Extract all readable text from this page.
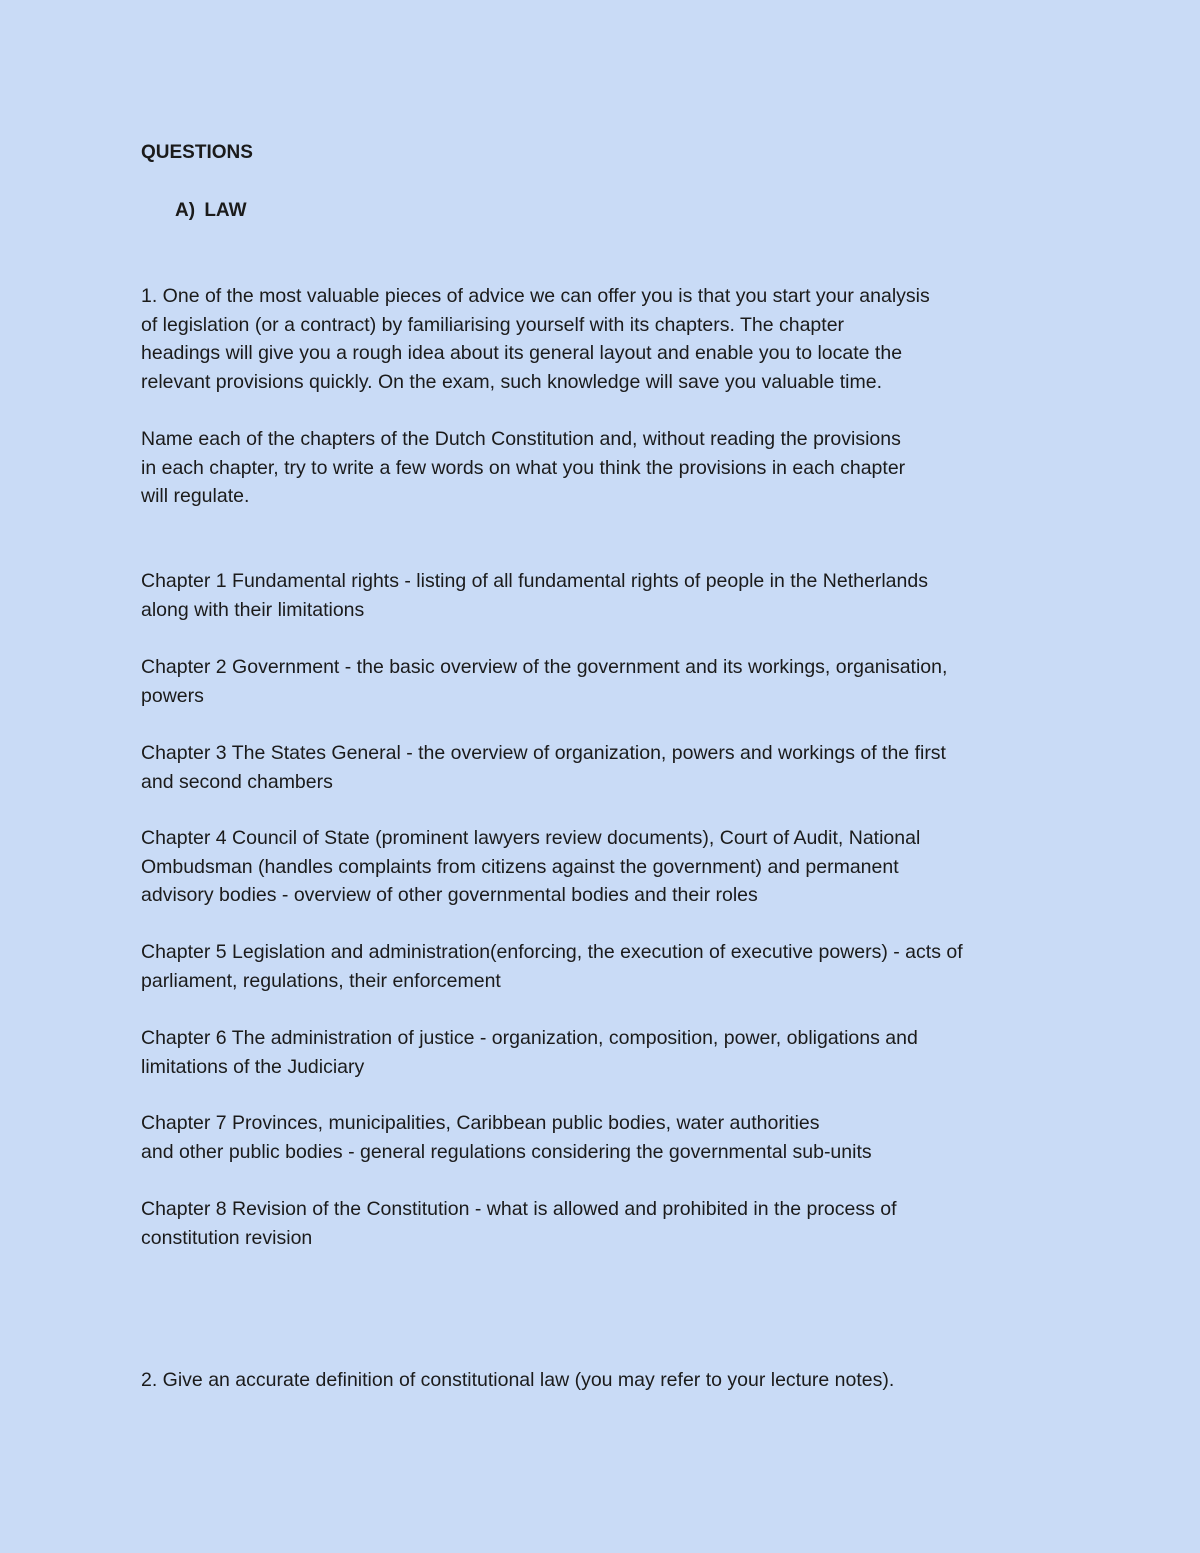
QUESTIONS
A) LAW

1. One of the most valuable pieces of advice we can offer you is that you start your analysis
of legislation (or a contract) by familiarising yourself with its chapters. The chapter
headings will give you a rough idea about its general layout and enable you to locate the
relevant provisions quickly. On the exam, such knowledge will save you valuable time.

Name each of the chapters of the Dutch Constitution and, without reading the provisions
in each chapter, try to write a few words on what you think the provisions in each chapter
will regulate.

Chapter 1 Fundamental rights - listing of all fundamental rights of people in the Netherlands
along with their limitations

Chapter 2 Government - the basic overview of the government and its workings, organisation,
powers

Chapter 3 The States General - the overview of organization, powers and workings of the first
and second chambers

Chapter 4 Council of State (prominent lawyers review documents), Court of Audit, National
Ombudsman (handles complaints from citizens against the government) and permanent
advisory bodies - overview of other governmental bodies and their roles

Chapter 5 Legislation and administration(enforcing, the execution of executive powers) - acts of
parliament, regulations, their enforcement

Chapter 6 The administration of justice - organization, composition, power, obligations and
limitations of the Judiciary

Chapter 7 Provinces, municipalities, Caribbean public bodies, water authorities
and other public bodies - general regulations considering the governmental sub-units

Chapter 8 Revision of the Constitution - what is allowed and prohibited in the process of
constitution revision

2. Give an accurate definition of constitutional law (you may refer to your lecture notes).
